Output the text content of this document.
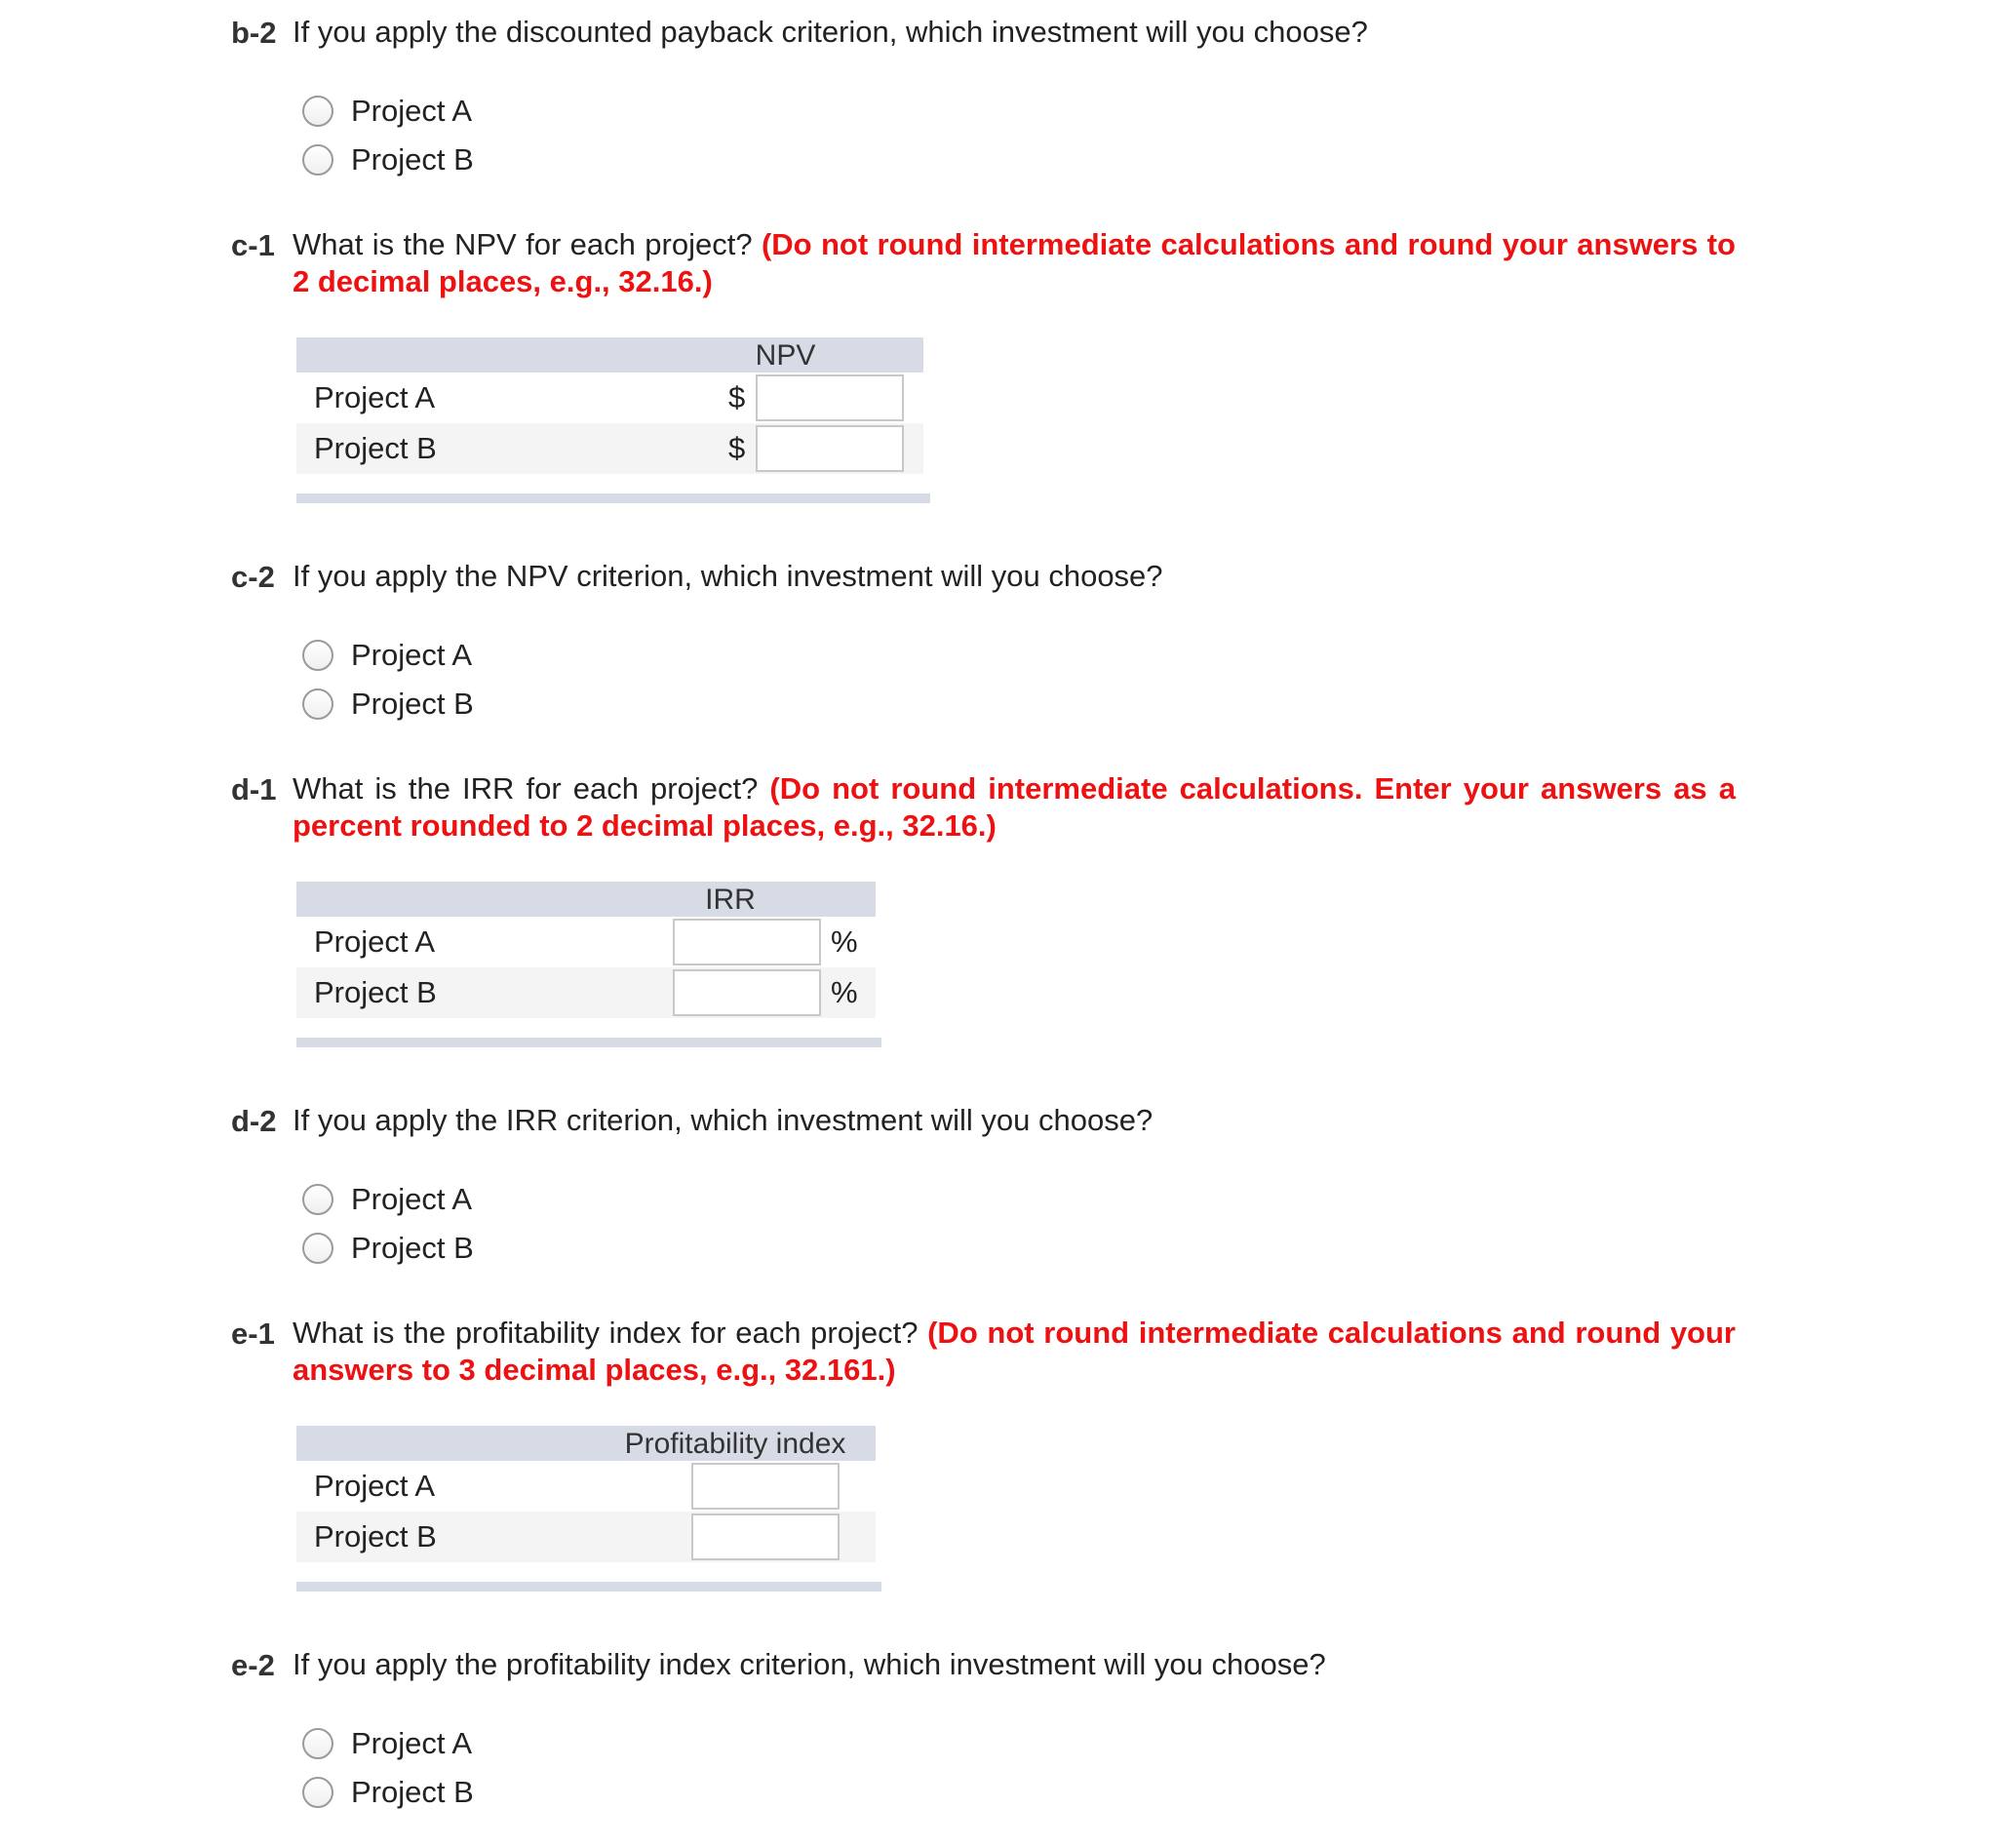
b-2 If you apply the discounted payback criterion, which investment will you choose?
Project A
Project B
c-1 What is the NPV for each project? (Do not round intermediate calculations and round your answers to 2 decimal places, e.g., 32.16.)
NPV
Project A	$
Project B	$
c-2 If you apply the NPV criterion, which investment will you choose?
Project A
Project B
d-1 What is the IRR for each project? (Do not round intermediate calculations. Enter your answers as a percent rounded to 2 decimal places, e.g., 32.16.)
IRR
Project A	%
Project B	%
d-2 If you apply the IRR criterion, which investment will you choose?
Project A
Project B
e-1 What is the profitability index for each project? (Do not round intermediate calculations and round your answers to 3 decimal places, e.g., 32.161.)
Profitability index
Project A
Project B
e-2 If you apply the profitability index criterion, which investment will you choose?
Project A
Project B
